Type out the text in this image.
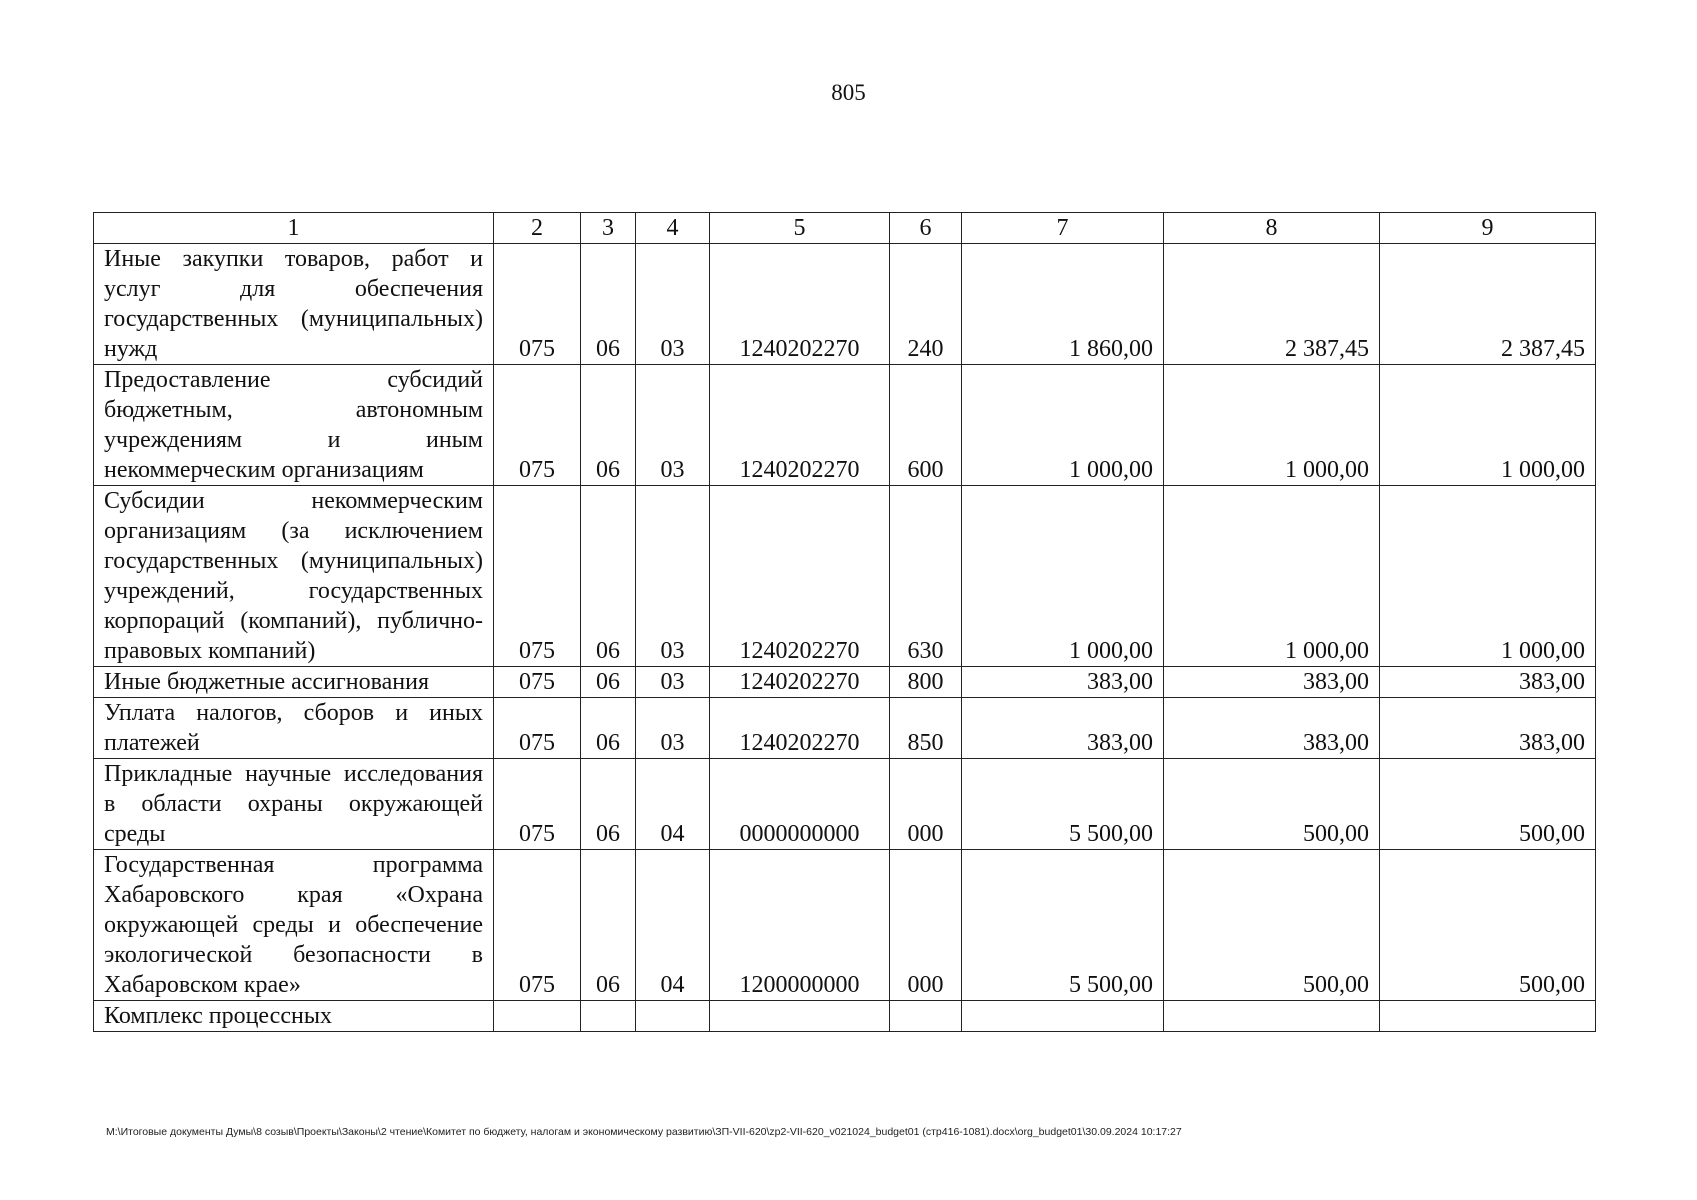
805
1	2	3	4	5	6	7	8	9
Иные закупки товаров, работ и услуг для обеспечения государственных (муниципальных) нужд	075	06	03	1240202270	240	1 860,00	2 387,45	2 387,45
Предоставление субсидий бюджетным, автономным учреждениям и иным некоммерческим организациям	075	06	03	1240202270	600	1 000,00	1 000,00	1 000,00
Субсидии некоммерческим организациям (за исключением государственных (муниципальных) учреждений, государственных корпораций (компаний), публично-правовых компаний)	075	06	03	1240202270	630	1 000,00	1 000,00	1 000,00
Иные бюджетные ассигнования	075	06	03	1240202270	800	383,00	383,00	383,00
Уплата налогов, сборов и иных платежей	075	06	03	1240202270	850	383,00	383,00	383,00
Прикладные научные исследования в области охраны окружающей среды	075	06	04	0000000000	000	5 500,00	500,00	500,00
Государственная программа Хабаровского края «Охрана окружающей среды и обеспечение экологической безопасности в Хабаровском крае»	075	06	04	1200000000	000	5 500,00	500,00	500,00
Комплекс процессных								
M:\Итоговые документы Думы\8 созыв\Проекты\Законы\2 чтение\Комитет по бюджету, налогам и экономическому развитию\ЗП-VII-620\zp2-VII-620_v021024_budget01 (стр416-1081).docx\org_budget01\30.09.2024 10:17:27
